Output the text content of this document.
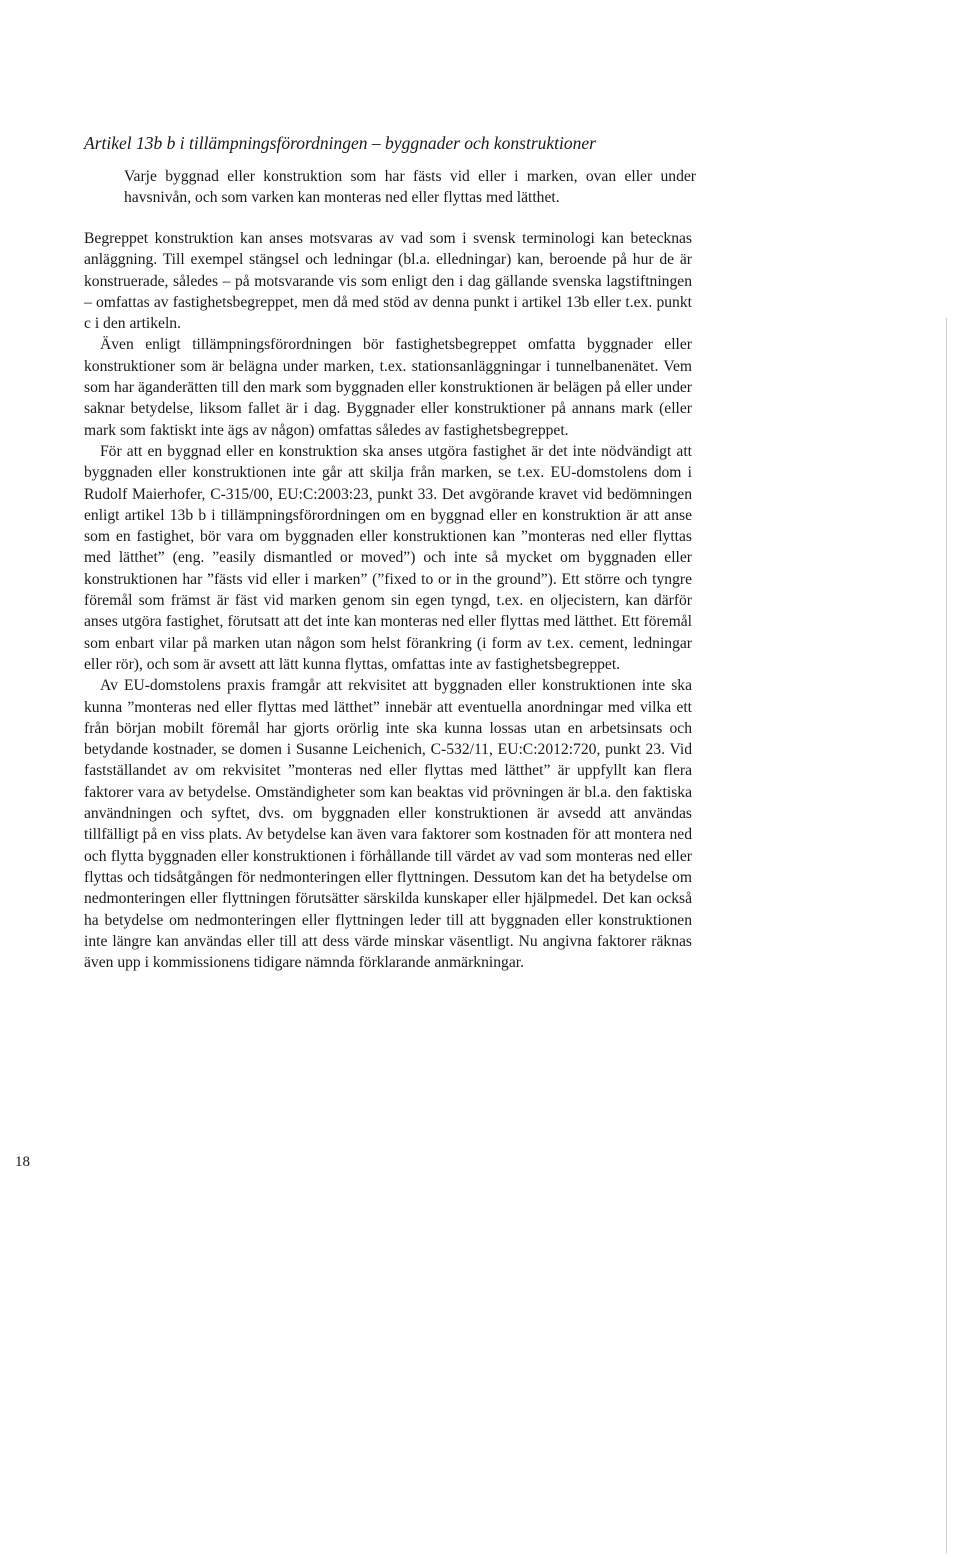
Artikel 13b b i tillämpningsförordningen – byggnader och konstruktioner

Varje byggnad eller konstruktion som har fästs vid eller i marken, ovan eller under havsnivån, och som varken kan monteras ned eller flyttas med lätthet.

Begreppet konstruktion kan anses motsvaras av vad som i svensk terminologi kan betecknas anläggning. Till exempel stängsel och ledningar (bl.a. elledningar) kan, beroende på hur de är konstruerade, således – på motsvarande vis som enligt den i dag gällande svenska lagstiftningen – omfattas av fastighetsbegreppet, men då med stöd av denna punkt i artikel 13b eller t.ex. punkt c i den artikeln.

Även enligt tillämpningsförordningen bör fastighetsbegreppet omfatta byggnader eller konstruktioner som är belägna under marken, t.ex. stationsanläggningar i tunnelbanenätet. Vem som har äganderätten till den mark som byggnaden eller konstruktionen är belägen på eller under saknar betydelse, liksom fallet är i dag. Byggnader eller konstruktioner på annans mark (eller mark som faktiskt inte ägs av någon) omfattas således av fastighetsbegreppet.

För att en byggnad eller en konstruktion ska anses utgöra fastighet är det inte nödvändigt att byggnaden eller konstruktionen inte går att skilja från marken, se t.ex. EU-domstolens dom i Rudolf Maierhofer, C-315/00, EU:C:2003:23, punkt 33. Det avgörande kravet vid bedömningen enligt artikel 13b b i tillämpningsförordningen om en byggnad eller en konstruktion är att anse som en fastighet, bör vara om byggnaden eller konstruktionen kan ”monteras ned eller flyttas med lätthet” (eng. ”easily dismantled or moved”) och inte så mycket om byggnaden eller konstruktionen har ”fästs vid eller i marken” (”fixed to or in the ground”). Ett större och tyngre föremål som främst är fäst vid marken genom sin egen tyngd, t.ex. en oljecistern, kan därför anses utgöra fastighet, förutsatt att det inte kan monteras ned eller flyttas med lätthet. Ett föremål som enbart vilar på marken utan någon som helst förankring (i form av t.ex. cement, ledningar eller rör), och som är avsett att lätt kunna flyttas, omfattas inte av fastighetsbegreppet.

Av EU-domstolens praxis framgår att rekvisitet att byggnaden eller konstruktionen inte ska kunna ”monteras ned eller flyttas med lätthet” innebär att eventuella anordningar med vilka ett från början mobilt föremål har gjorts orörlig inte ska kunna lossas utan en arbetsinsats och betydande kostnader, se domen i Susanne Leichenich, C-532/11, EU:C:2012:720, punkt 23. Vid fastställandet av om rekvisitet ”monteras ned eller flyttas med lätthet” är uppfyllt kan flera faktorer vara av betydelse. Omständigheter som kan beaktas vid prövningen är bl.a. den faktiska användningen och syftet, dvs. om byggnaden eller konstruktionen är avsedd att användas tillfälligt på en viss plats. Av betydelse kan även vara faktorer som kostnaden för att montera ned och flytta byggnaden eller konstruktionen i förhållande till värdet av vad som monteras ned eller flyttas och tidsåtgången för nedmonteringen eller flyttningen. Dessutom kan det ha betydelse om nedmonteringen eller flyttningen förutsätter särskilda kunskaper eller hjälpmedel. Det kan också ha betydelse om nedmonteringen eller flyttningen leder till att byggnaden eller konstruktionen inte längre kan användas eller till att dess värde minskar väsentligt. Nu angivna faktorer räknas även upp i kommissionens tidigare nämnda förklarande anmärkningar.

18
